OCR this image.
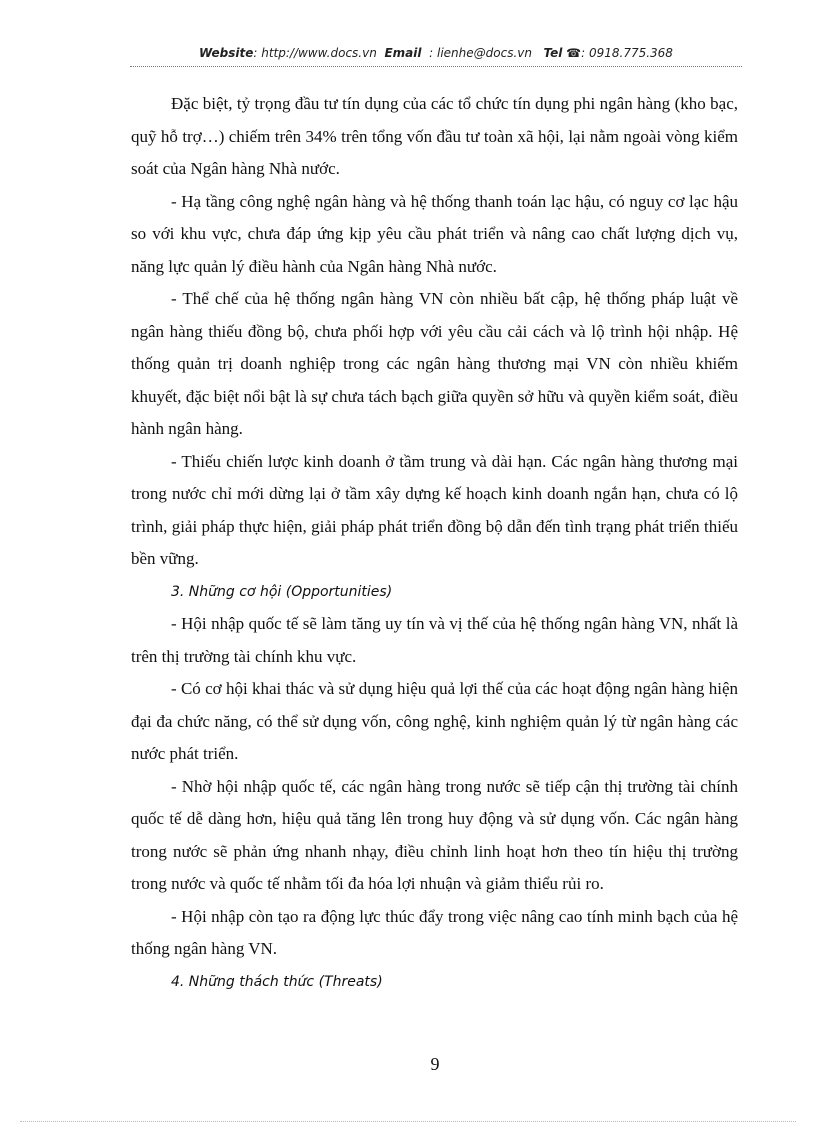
Website: http://www.docs.vn Email : lienhe@docs.vn Tel ☎: 0918.775.368

Đặc biệt, tỷ trọng đầu tư tín dụng của các tổ chức tín dụng phi ngân hàng (kho bạc, quỹ hỗ trợ…) chiếm trên 34% trên tổng vốn đầu tư toàn xã hội, lại nằm ngoài vòng kiểm soát của Ngân hàng Nhà nước.

- Hạ tầng công nghệ ngân hàng và hệ thống thanh toán lạc hậu, có nguy cơ lạc hậu so với khu vực, chưa đáp ứng kịp yêu cầu phát triển và nâng cao chất lượng dịch vụ, năng lực quản lý điều hành của Ngân hàng Nhà nước.

- Thể chế của hệ thống ngân hàng VN còn nhiều bất cập, hệ thống pháp luật về ngân hàng thiếu đồng bộ, chưa phối hợp với yêu cầu cải cách và lộ trình hội nhập. Hệ thống quản trị doanh nghiệp trong các ngân hàng thương mại VN còn nhiều khiếm khuyết, đặc biệt nổi bật là sự chưa tách bạch giữa quyền sở hữu và quyền kiểm soát, điều hành ngân hàng.

- Thiếu chiến lược kinh doanh ở tầm trung và dài hạn. Các ngân hàng thương mại trong nước chỉ mới dừng lại ở tầm xây dựng kế hoạch kinh doanh ngắn hạn, chưa có lộ trình, giải pháp thực hiện, giải pháp phát triển đồng bộ dẫn đến tình trạng phát triển thiếu bền vững.

3. Những cơ hội (Opportunities)

- Hội nhập quốc tế sẽ làm tăng uy tín và vị thế của hệ thống ngân hàng VN, nhất là trên thị trường tài chính khu vực.

- Có cơ hội khai thác và sử dụng hiệu quả lợi thế của các hoạt động ngân hàng hiện đại đa chức năng, có thể sử dụng vốn, công nghệ, kinh nghiệm quản lý từ ngân hàng các nước phát triển.

- Nhờ hội nhập quốc tế, các ngân hàng trong nước sẽ tiếp cận thị trường tài chính quốc tế dễ dàng hơn, hiệu quả tăng lên trong huy động và sử dụng vốn. Các ngân hàng trong nước sẽ phản ứng nhanh nhạy, điều chỉnh linh hoạt hơn theo tín hiệu thị trường trong nước và quốc tế nhằm tối đa hóa lợi nhuận và giảm thiểu rủi ro.

- Hội nhập còn tạo ra động lực thúc đẩy trong việc nâng cao tính minh bạch của hệ thống ngân hàng VN.

4. Những thách thức (Threats)

9
